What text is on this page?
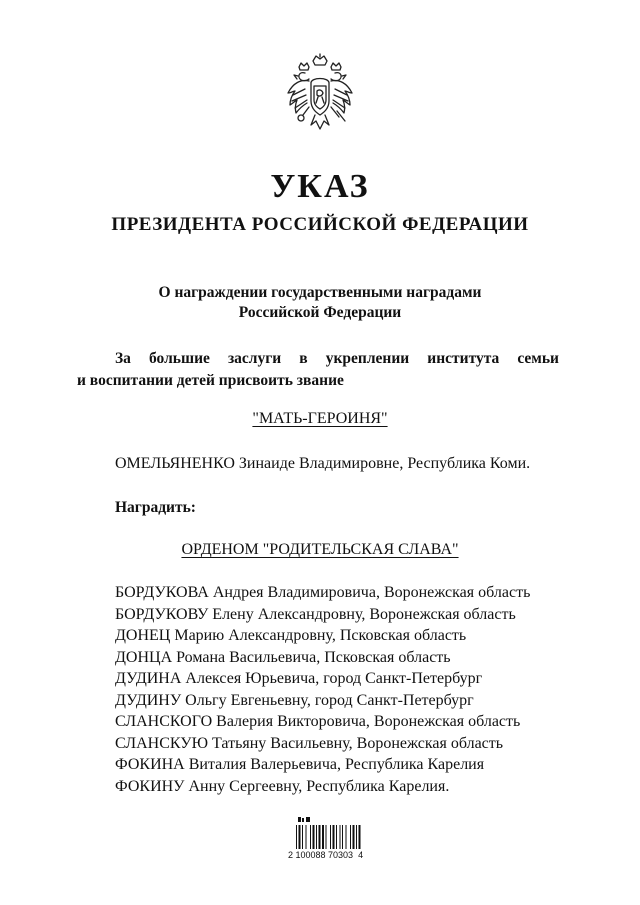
УКАЗ
ПРЕЗИДЕНТА РОССИЙСКОЙ ФЕДЕРАЦИИ
О награждении государственными наградами
Российской Федерации
За большие заслуги в укреплении института семьи
и воспитании детей присвоить звание
"МАТЬ-ГЕРОИНЯ"
ОМЕЛЬЯНЕНКО Зинаиде Владимировне, Республика Коми.
Наградить:
ОРДЕНОМ "РОДИТЕЛЬСКАЯ СЛАВА"
БОРДУКОВА Андрея Владимировича, Воронежская область
БОРДУКОВУ Елену Александровну, Воронежская область
ДОНЕЦ Марию Александровну, Псковская область
ДОНЦА Романа Васильевича, Псковская область
ДУДИНА Алексея Юрьевича, город Санкт-Петербург
ДУДИНУ Ольгу Евгеньевну, город Санкт-Петербург
СЛАНСКОГО Валерия Викторовича, Воронежская область
СЛАНСКУЮ Татьяну Васильевну, Воронежская область
ФОКИНА Виталия Валерьевича, Республика Карелия
ФОКИНУ Анну Сергеевну, Республика Карелия.
2 100088 70303  4
